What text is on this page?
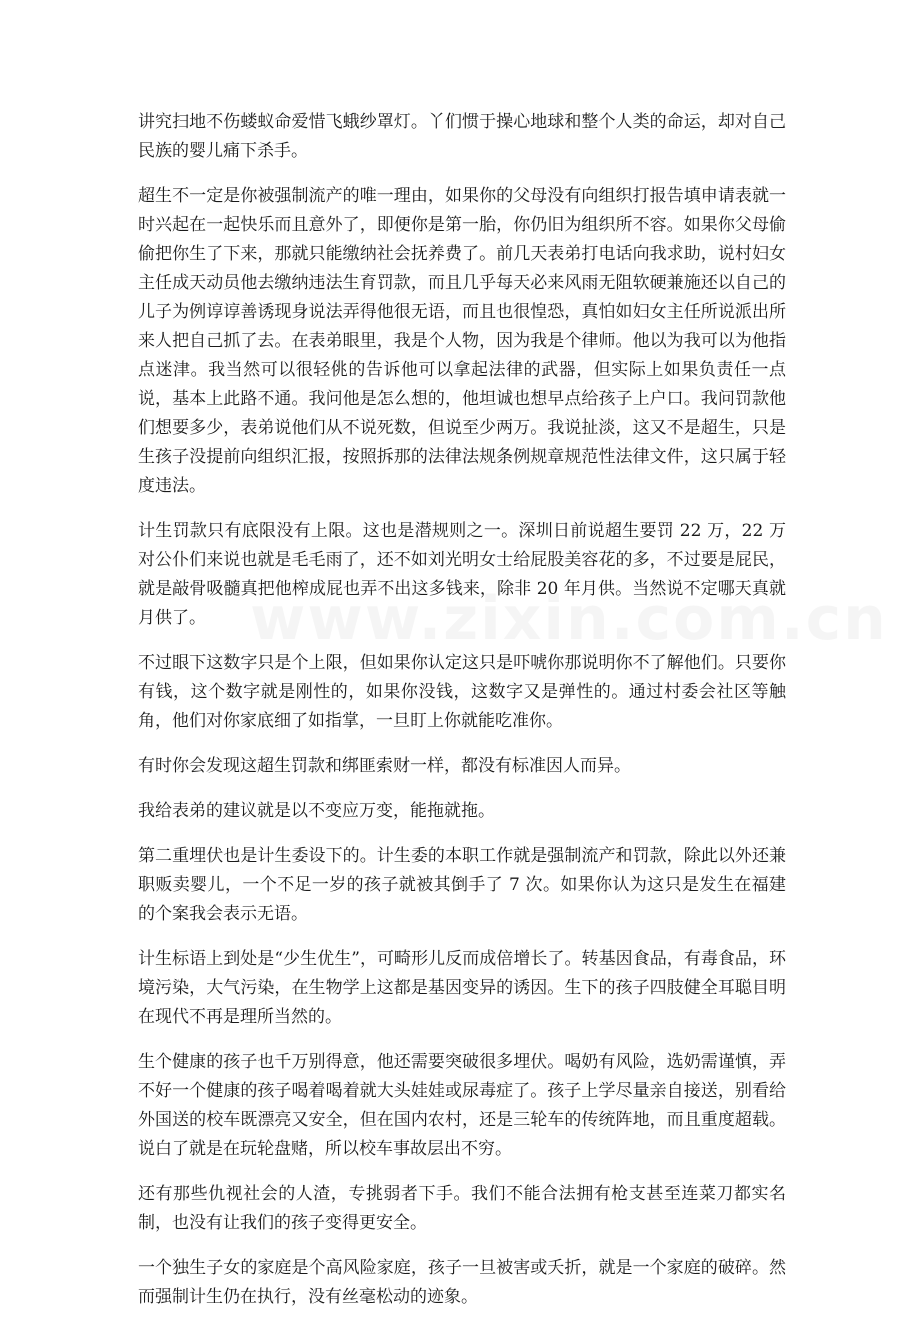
讲究扫地不伤蝼蚁命爱惜飞蛾纱罩灯。丫们惯于操心地球和整个人类的命运，却对自己民族的婴儿痛下杀手。

超生不一定是你被强制流产的唯一理由，如果你的父母没有向组织打报告填申请表就一时兴起在一起快乐而且意外了，即便你是第一胎，你仍旧为组织所不容。如果你父母偷偷把你生了下来，那就只能缴纳社会抚养费了。前几天表弟打电话向我求助，说村妇女主任成天动员他去缴纳违法生育罚款，而且几乎每天必来风雨无阻软硬兼施还以自己的儿子为例谆谆善诱现身说法弄得他很无语，而且也很惶恐，真怕如妇女主任所说派出所来人把自己抓了去。在表弟眼里，我是个人物，因为我是个律师。他以为我可以为他指点迷津。我当然可以很轻佻的告诉他可以拿起法律的武器，但实际上如果负责任一点说，基本上此路不通。我问他是怎么想的，他坦诚也想早点给孩子上户口。我问罚款他们想要多少，表弟说他们从不说死数，但说至少两万。我说扯淡，这又不是超生，只是生孩子没提前向组织汇报，按照拆那的法律法规条例规章规范性法律文件，这只属于轻度违法。

计生罚款只有底限没有上限。这也是潜规则之一。深圳日前说超生要罚 22 万，22 万对公仆们来说也就是毛毛雨了，还不如刘光明女士给屁股美容花的多，不过要是屁民，就是敲骨吸髓真把他榨成屁也弄不出这多钱来，除非 20 年月供。当然说不定哪天真就月供了。

不过眼下这数字只是个上限，但如果你认定这只是吓唬你那说明你不了解他们。只要你有钱，这个数字就是刚性的，如果你没钱，这数字又是弹性的。通过村委会社区等触角，他们对你家底细了如指掌，一旦盯上你就能吃准你。

有时你会发现这超生罚款和绑匪索财一样，都没有标准因人而异。

我给表弟的建议就是以不变应万变，能拖就拖。

第二重埋伏也是计生委设下的。计生委的本职工作就是强制流产和罚款，除此以外还兼职贩卖婴儿，一个不足一岁的孩子就被其倒手了 7 次。如果你认为这只是发生在福建的个案我会表示无语。

计生标语上到处是“少生优生”，可畸形儿反而成倍增长了。转基因食品，有毒食品，环境污染，大气污染，在生物学上这都是基因变异的诱因。生下的孩子四肢健全耳聪目明在现代不再是理所当然的。

生个健康的孩子也千万别得意，他还需要突破很多埋伏。喝奶有风险，选奶需谨慎，弄不好一个健康的孩子喝着喝着就大头娃娃或尿毒症了。孩子上学尽量亲自接送，别看给外国送的校车既漂亮又安全，但在国内农村，还是三轮车的传统阵地，而且重度超载。说白了就是在玩轮盘赌，所以校车事故层出不穷。

还有那些仇视社会的人渣，专挑弱者下手。我们不能合法拥有枪支甚至连菜刀都实名制，也没有让我们的孩子变得更安全。

一个独生子女的家庭是个高风险家庭，孩子一旦被害或夭折，就是一个家庭的破碎。然而强制计生仍在执行，没有丝毫松动的迹象。
